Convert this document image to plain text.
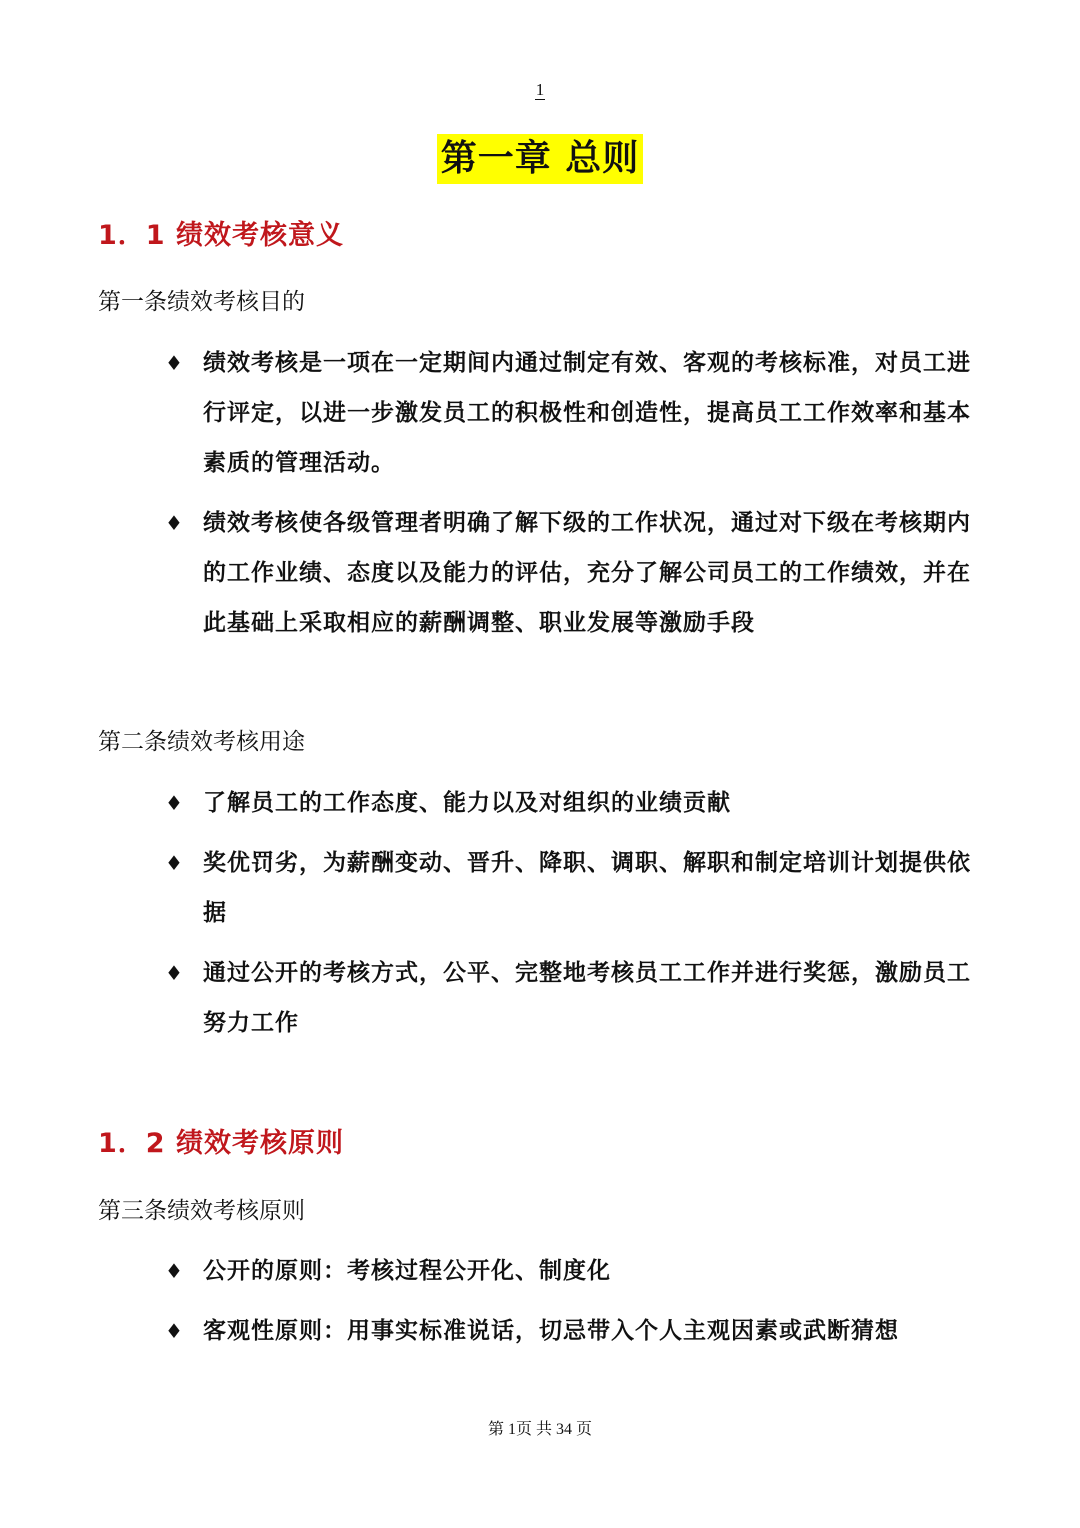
1
第一章 总则
1．1 绩效考核意义
第一条绩效考核目的
♦ 绩效考核是一项在一定期间内通过制定有效、客观的考核标准，对员工进行评定，以进一步激发员工的积极性和创造性，提高员工工作效率和基本素质的管理活动。
♦ 绩效考核使各级管理者明确了解下级的工作状况，通过对下级在考核期内的工作业绩、态度以及能力的评估，充分了解公司员工的工作绩效，并在此基础上采取相应的薪酬调整、职业发展等激励手段
第二条绩效考核用途
♦ 了解员工的工作态度、能力以及对组织的业绩贡献
♦ 奖优罚劣，为薪酬变动、晋升、降职、调职、解职和制定培训计划提供依据
♦ 通过公开的考核方式，公平、完整地考核员工工作并进行奖惩，激励员工努力工作
1．2 绩效考核原则
第三条绩效考核原则
♦ 公开的原则：考核过程公开化、制度化
♦ 客观性原则：用事实标准说话，切忌带入个人主观因素或武断猜想
第 1页 共 34 页
